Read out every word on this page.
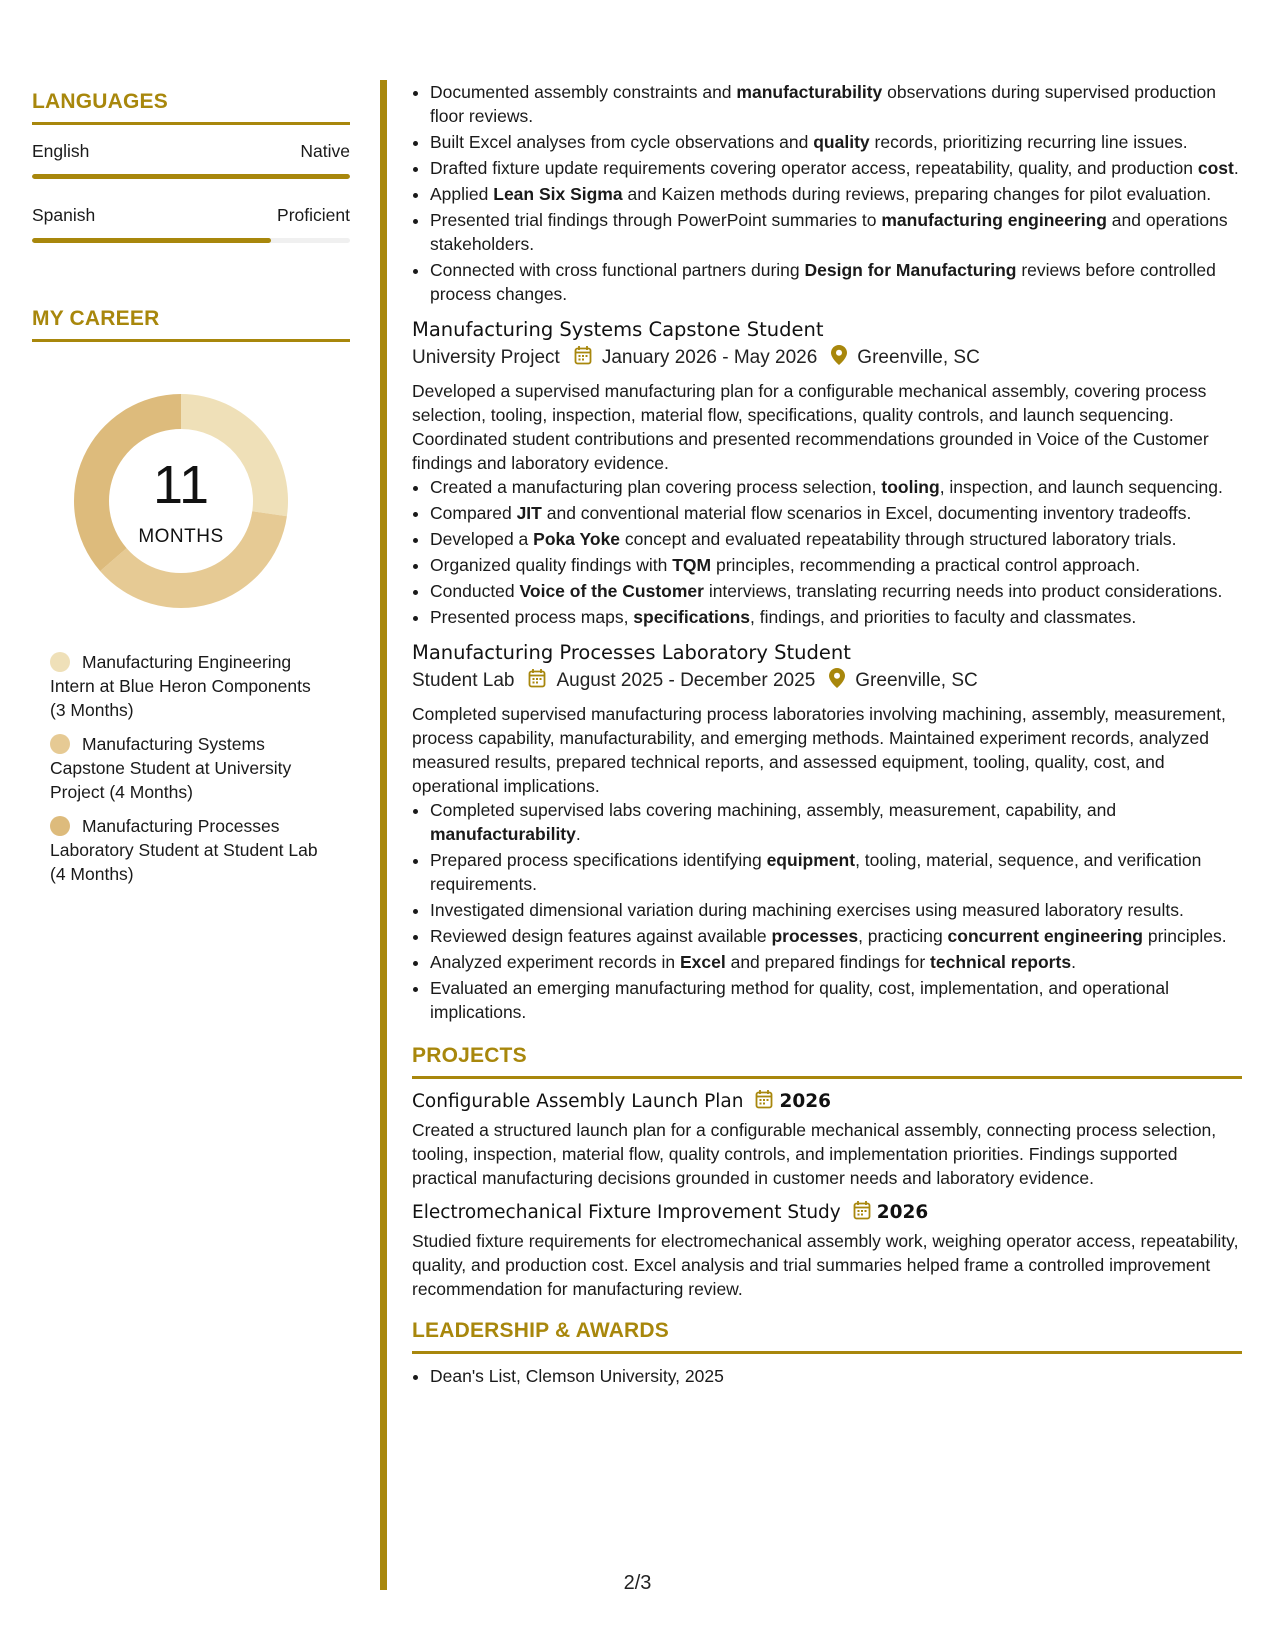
LANGUAGES
English	Native
Spanish	Proficient
MY CAREER
11
MONTHS
Manufacturing Engineering Intern at Blue Heron Components (3 Months)
Manufacturing Systems Capstone Student at University Project (4 Months)
Manufacturing Processes Laboratory Student at Student Lab (4 Months)
• Documented assembly constraints and manufacturability observations during supervised production floor reviews.
• Built Excel analyses from cycle observations and quality records, prioritizing recurring line issues.
• Drafted fixture update requirements covering operator access, repeatability, quality, and production cost.
• Applied Lean Six Sigma and Kaizen methods during reviews, preparing changes for pilot evaluation.
• Presented trial findings through PowerPoint summaries to manufacturing engineering and operations stakeholders.
• Connected with cross functional partners during Design for Manufacturing reviews before controlled process changes.
Manufacturing Systems Capstone Student
University Project January 2026 - May 2026 Greenville, SC
Developed a supervised manufacturing plan for a configurable mechanical assembly, covering process selection, tooling, inspection, material flow, specifications, quality controls, and launch sequencing. Coordinated student contributions and presented recommendations grounded in Voice of the Customer findings and laboratory evidence.
• Created a manufacturing plan covering process selection, tooling, inspection, and launch sequencing.
• Compared JIT and conventional material flow scenarios in Excel, documenting inventory tradeoffs.
• Developed a Poka Yoke concept and evaluated repeatability through structured laboratory trials.
• Organized quality findings with TQM principles, recommending a practical control approach.
• Conducted Voice of the Customer interviews, translating recurring needs into product considerations.
• Presented process maps, specifications, findings, and priorities to faculty and classmates.
Manufacturing Processes Laboratory Student
Student Lab August 2025 - December 2025 Greenville, SC
Completed supervised manufacturing process laboratories involving machining, assembly, measurement, process capability, manufacturability, and emerging methods. Maintained experiment records, analyzed measured results, prepared technical reports, and assessed equipment, tooling, quality, cost, and operational implications.
• Completed supervised labs covering machining, assembly, measurement, capability, and manufacturability.
• Prepared process specifications identifying equipment, tooling, material, sequence, and verification requirements.
• Investigated dimensional variation during machining exercises using measured laboratory results.
• Reviewed design features against available processes, practicing concurrent engineering principles.
• Analyzed experiment records in Excel and prepared findings for technical reports.
• Evaluated an emerging manufacturing method for quality, cost, implementation, and operational implications.
PROJECTS
Configurable Assembly Launch Plan 2026
Created a structured launch plan for a configurable mechanical assembly, connecting process selection, tooling, inspection, material flow, quality controls, and implementation priorities. Findings supported practical manufacturing decisions grounded in customer needs and laboratory evidence.
Electromechanical Fixture Improvement Study 2026
Studied fixture requirements for electromechanical assembly work, weighing operator access, repeatability, quality, and production cost. Excel analysis and trial summaries helped frame a controlled improvement recommendation for manufacturing review.
LEADERSHIP & AWARDS
• Dean's List, Clemson University, 2025
2/3
